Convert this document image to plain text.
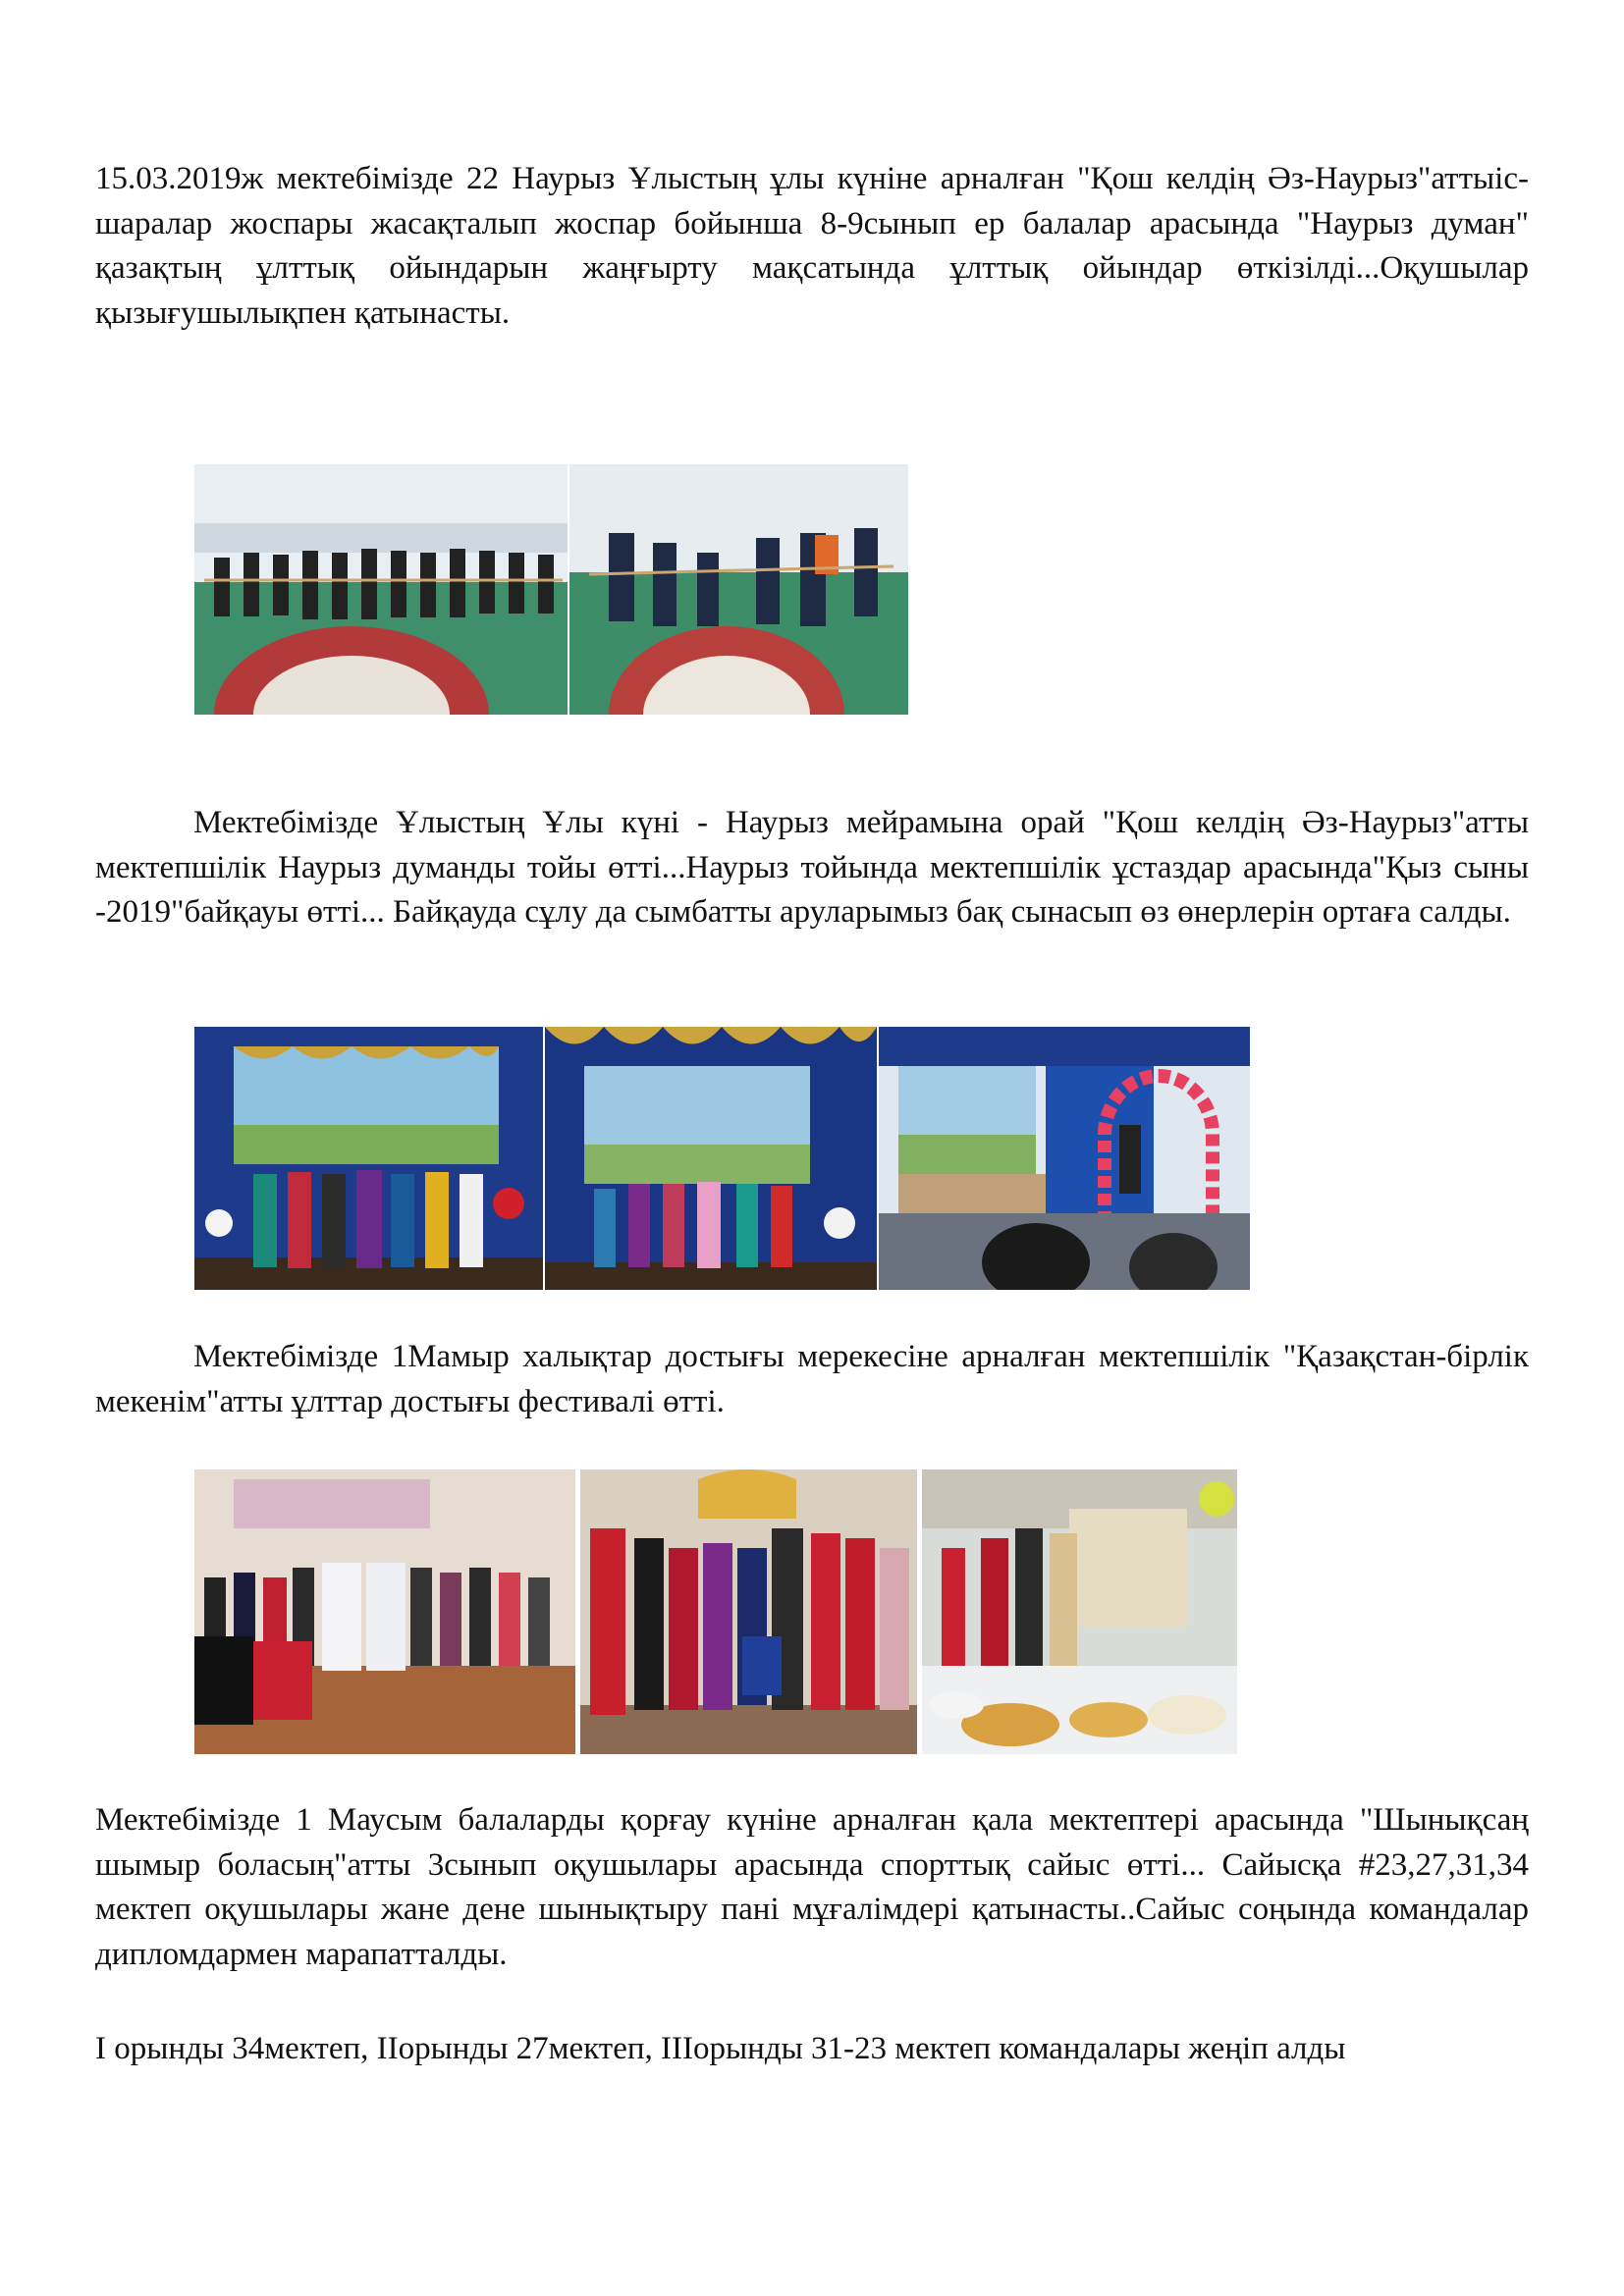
15.03.2019ж мектебімізде 22 Наурыз Ұлыстың ұлы күніне арналған "Қош келдің Әз-Наурыз"аттыіс-шаралар жоспары жасақталып жоспар бойынша 8-9сынып ер балалар арасында "Наурыз думан" қазақтың ұлттық ойындарын жаңғырту мақсатында ұлттық ойындар өткізілді...Оқушылар қызығушылықпен қатынасты.

Мектебімізде Ұлыстың Ұлы күні - Наурыз мейрамына орай "Қош келдің Әз-Наурыз"атты мектепшілік Наурыз думанды тойы өтті...Наурыз тойында мектепшілік ұстаздар арасында"Қыз сыны -2019"байқауы өтті... Байқауда сұлу да сымбатты аруларымыз бақ сынасып өз өнерлерін ортаға салды.

Мектебімізде 1Мамыр халықтар достығы мерекесіне арналған мектепшілік "Қазақстан-бірлік мекенім"атты ұлттар достығы фестивалі өтті.

Мектебімізде 1 Маусым балаларды қорғау күніне арналған қала мектептері арасында "Шынықсаң шымыр боласың"атты 3сынып оқушылары арасында спорттық сайыс өтті... Сайысқа #23,27,31,34 мектеп оқушылары жане дене шынықтыру пані мұғалімдері қатынасты..Сайыс соңында командалар дипломдармен марапатталды.

I орынды 34мектеп, IIорынды 27мектеп, IIIорынды 31-23 мектеп командалары жеңіп алды
